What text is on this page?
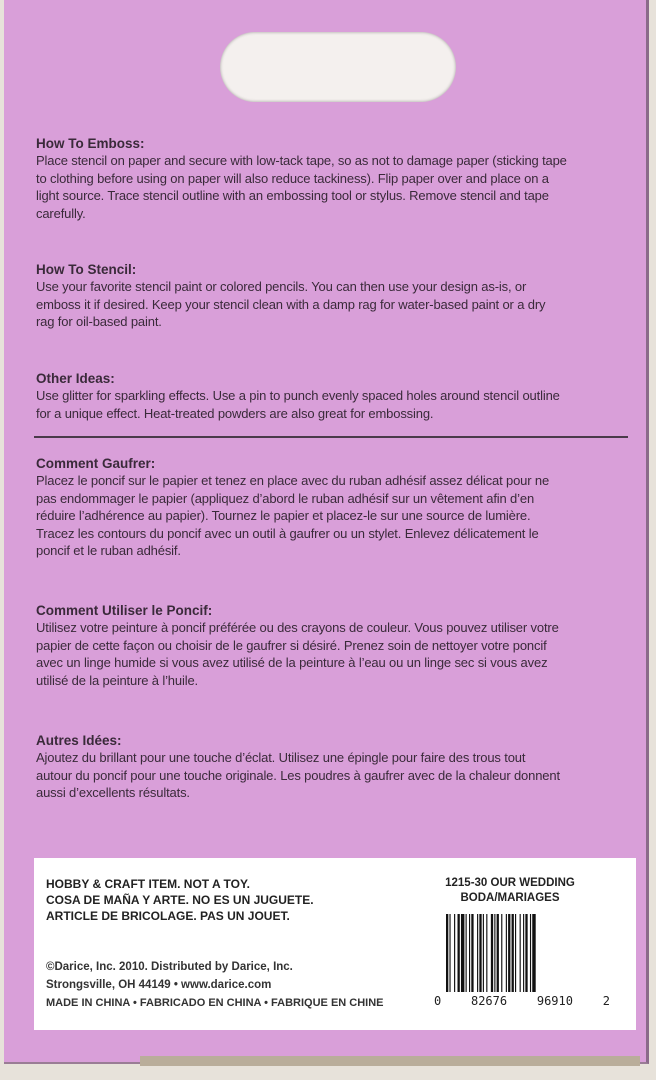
How To Emboss:

Place stencil on paper and secure with low-tack tape, so as not to damage paper (sticking tape

to clothing before using on paper will also reduce tackiness). Flip paper over and place on a

light source. Trace stencil outline with an embossing tool or stylus. Remove stencil and tape

carefully.

How To Stencil:

Use your favorite stencil paint or colored pencils. You can then use your design as-is, or

emboss it if desired. Keep your stencil clean with a damp rag for water-based paint or a dry

rag for oil-based paint.

Other Ideas:

Use glitter for sparkling effects. Use a pin to punch evenly spaced holes around stencil outline

for a unique effect. Heat-treated powders are also great for embossing.

Comment Gaufrer:

Placez le poncif sur le papier et tenez en place avec du ruban adhésif assez délicat pour ne

pas endommager le papier (appliquez d’abord le ruban adhésif sur un vêtement afin d’en

réduire l’adhérence au papier). Tournez le papier et placez-le sur une source de lumière.

Tracez les contours du poncif avec un outil à gaufrer ou un stylet. Enlevez délicatement le

poncif et le ruban adhésif.

Comment Utiliser le Poncif:

Utilisez votre peinture à poncif préférée ou des crayons de couleur. Vous pouvez utiliser votre

papier de cette façon ou choisir de le gaufrer si désiré. Prenez soin de nettoyer votre poncif

avec un linge humide si vous avez utilisé de la peinture à l’eau ou un linge sec si vous avez

utilisé de la peinture à l’huile.

Autres Idées:

Ajoutez du brillant pour une touche d’éclat. Utilisez une épingle pour faire des trous tout

autour du poncif pour une touche originale. Les poudres à gaufrer avec de la chaleur donnent

aussi d’excellents résultats.

HOBBY & CRAFT ITEM. NOT A TOY.
COSA DE MAÑA Y ARTE. NO ES UN JUGUETE.
ARTICLE DE BRICOLAGE. PAS UN JOUET.
©Darice, Inc. 2010. Distributed by Darice, Inc.
Strongsville, OH 44149 • www.darice.com
MADE IN CHINA • FABRICADO EN CHINA • FABRIQUE EN CHINE
1215-30 OUR WEDDING
BODA/MARIAGES
0 82676 96910 2
